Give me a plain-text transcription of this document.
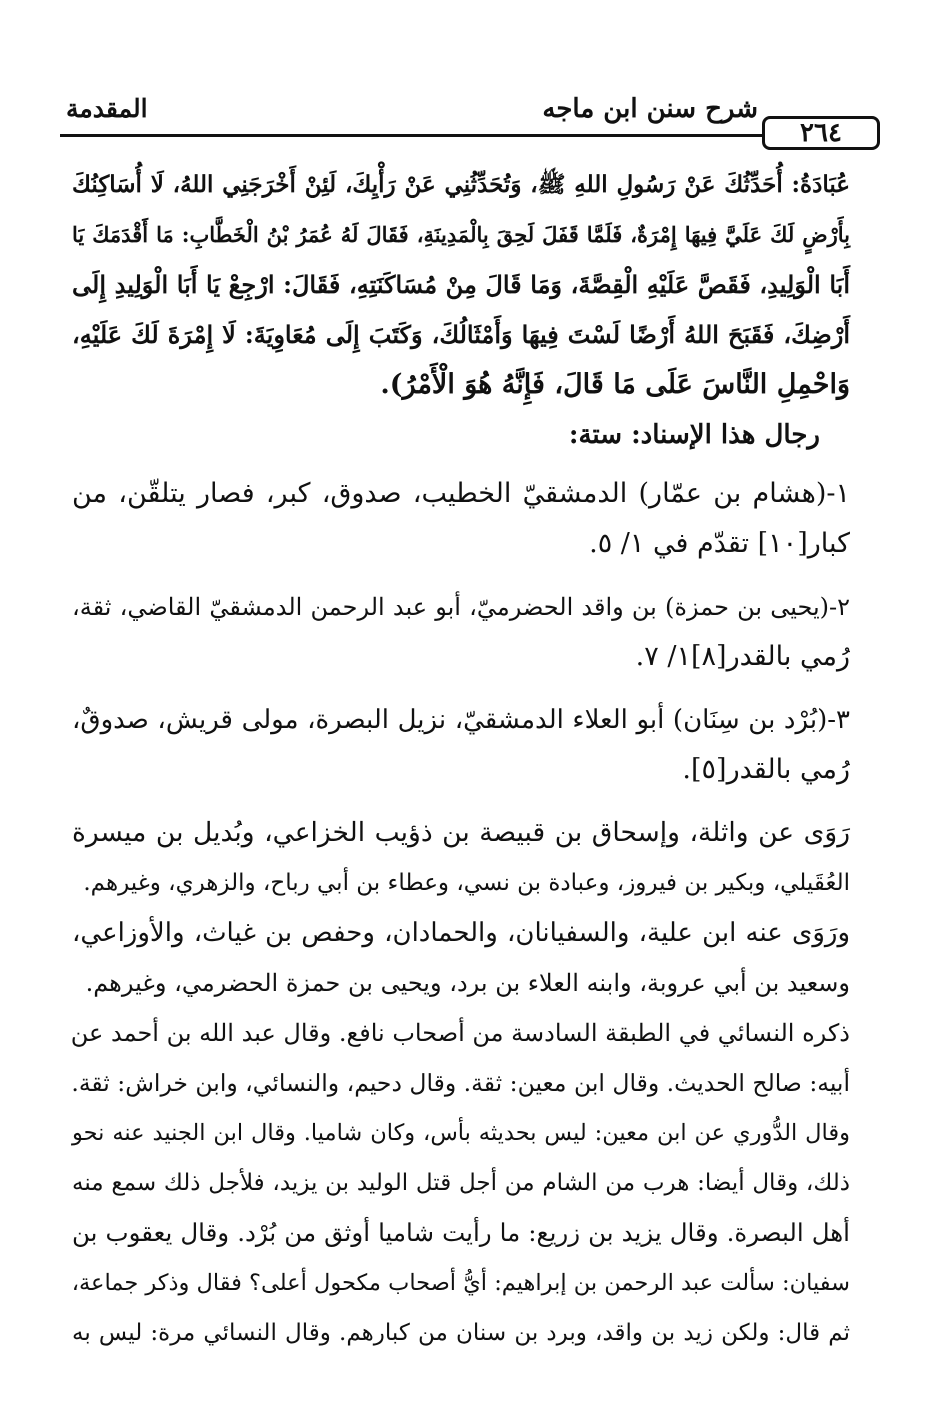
المقدمة	شرح سنن ابن ماجه
٢٦٤
عُبَادَةُ: أُحَدِّثُكَ عَنْ رَسُولِ اللهِ ﷺ، وَتُحَدِّثُنِي عَنْ رَأْيِكَ، لَئِنْ أَخْرَجَنِي اللهُ، لَا أُسَاكِنُكَ
بِأَرْضٍ لَكَ عَلَيَّ فِيهَا إِمْرَةٌ، فَلَمَّا قَفَلَ لَحِقَ بِالْمَدِينَةِ، فَقَالَ لَهُ عُمَرُ بْنُ الْخَطَّابِ: مَا أَقْدَمَكَ يَا
أَبَا الْوَلِيدِ، فَقَصَّ عَلَيْهِ الْقِصَّةَ، وَمَا قَالَ مِنْ مُسَاكَنَتِهِ، فَقَالَ: ارْجِعْ يَا أَبَا الْوَلِيدِ إِلَى
أَرْضِكَ، فَقَبَحَ اللهُ أَرْضًا لَسْتَ فِيهَا وَأَمْثَالُكَ، وَكَتَبَ إِلَى مُعَاوِيَةَ: لَا إِمْرَةَ لَكَ عَلَيْهِ،
وَاحْمِلِ النَّاسَ عَلَى مَا قَالَ، فَإِنَّهُ هُوَ الْأَمْرُ).
رجال هذا الإسناد: ستة:
١-(هشام بن عمّار) الدمشقيّ الخطيب، صدوق، كبر، فصار يتلقّن، من
كبار[١٠] تقدّم في ١/ ٥.
٢-(يحيى بن حمزة) بن واقد الحضرميّ، أبو عبد الرحمن الدمشقيّ القاضي، ثقة،
رُمي بالقدر[٨]١/ ٧.
٣-(بُرْد بن سِنَان) أبو العلاء الدمشقيّ، نزيل البصرة، مولى قريش، صدوقٌ،
رُمي بالقدر[٥].
رَوَى عن واثلة، وإسحاق بن قبيصة بن ذؤيب الخزاعي، وبُديل بن ميسرة
العُقَيلي، وبكير بن فيروز، وعبادة بن نسي، وعطاء بن أبي رباح، والزهري، وغيرهم.
ورَوَى عنه ابن علية، والسفيانان، والحمادان، وحفص بن غياث، والأوزاعي،
وسعيد بن أبي عروبة، وابنه العلاء بن برد، ويحيى بن حمزة الحضرمي، وغيرهم.
ذكره النسائي في الطبقة السادسة من أصحاب نافع. وقال عبد الله بن أحمد عن
أبيه: صالح الحديث. وقال ابن معين: ثقة. وقال دحيم، والنسائي، وابن خراش: ثقة.
وقال الدُّوري عن ابن معين: ليس بحديثه بأس، وكان شاميا. وقال ابن الجنيد عنه نحو
ذلك، وقال أيضا: هرب من الشام من أجل قتل الوليد بن يزيد، فلأجل ذلك سمع منه
أهل البصرة. وقال يزيد بن زريع: ما رأيت شاميا أوثق من بُرْد. وقال يعقوب بن
سفيان: سألت عبد الرحمن بن إبراهيم: أيُّ أصحاب مكحول أعلى؟ فقال وذكر جماعة،
ثم قال: ولكن زيد بن واقد، وبرد بن سنان من كبارهم. وقال النسائي مرة: ليس به
